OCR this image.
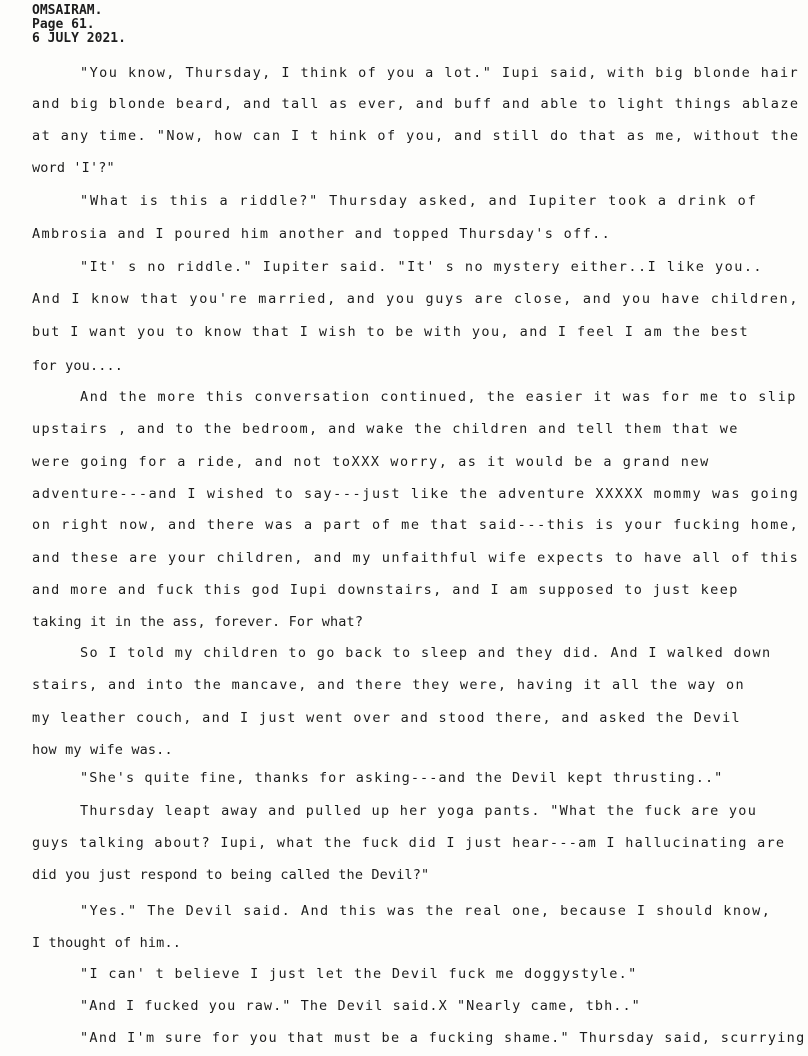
OMSAIRAM.
Page 61.
6 JULY 2021.
"You know, Thursday, I think of you a lot." Iupi said, with big blonde hair
and big blonde beard, and tall as ever, and buff and able to light things ablaze
at any time. "Now, how can I t hink of you, and still do that as me, without the
word 'I'?"
"What is this a riddle?" Thursday asked, and Iupiter took a drink of
Ambrosia and I poured him another and topped Thursday's off..
"It' s no riddle." Iupiter said. "It' s no mystery either..I like you..
And I know that you're married, and you guys are close, and you have children,
but I want you to know that I wish to be with you, and I feel I am the best
for you....
And the more this conversation continued, the easier it was for me to slip
upstairs , and to the bedroom, and wake the children and tell them that we
were going for a ride, and not toXXX worry, as it would be a grand new
adventure---and I wished to say---just like the adventure XXXXX mommy was going
on right now, and there was a part of me that said---this is your fucking home,
and these are your children, and my unfaithful wife expects to have all of this
and more and fuck this god Iupi downstairs, and I am supposed to just keep
taking it in the ass, forever. For what?
So I told my children to go back to sleep and they did. And I walked down
stairs, and into the mancave, and there they were, having it all the way on
my leather couch, and I just went over and stood there, and asked the Devil
how my wife was..
"She's quite fine, thanks for asking---and the Devil kept thrusting.."
Thursday leapt away and pulled up her yoga pants. "What the fuck are you
guys talking about? Iupi, what the fuck did I just hear---am I hallucinating are
did you just respond to being called the Devil?"
"Yes." The Devil said. And this was the real one, because I should know,
I thought of him..
"I can' t believe I just let the Devil fuck me doggystyle."
"And I fucked you raw." The Devil said.X "Nearly came, tbh.."
"And I'm sure for you that must be a fucking shame." Thursday said, scurrying
